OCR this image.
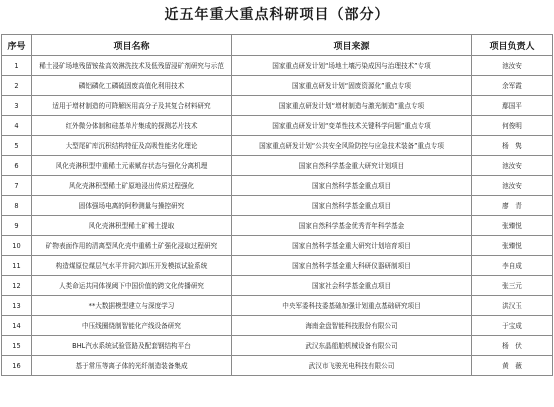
近五年重大重点科研项目（部分）
序号	项目名称	项目来源	项目负责人
1	稀土浸矿场地残留铵盐高效淋洗技术及低残留浸矿剂研究与示范	国家重点研发计划“场地土壤污染成因与治理技术”专项	池汝安
2	磷铝磷化工磷硫固废高值化利用技术	国家重点研发计划“固废资源化”重点专项	余军霞
3	适用于增材制造的可降解医用高分子及其复合材料研究	国家重点研发计划“增材制造与激光制造”重点专项	鄢国平
4	红外微分体制和硅基单片集成的探测芯片技术	国家重点研发计划“变革性技术关键科学问题”重点专项	何俊明
5	大型尾矿库沉积结构特征及高吸性能劣化理论	国家重点研发计划“公共安全风险防控与应急技术装备”重点专项	杨　隽
6	风化壳淋积型中重稀土元素赋存状态与强化分离机理	国家自然科学基金重大研究计划项目	池汝安
7	风化壳淋积型稀土矿原地浸出传质过程强化	国家自然科学基金重点项目	池汝安
8	固体强场电离的阿秒测量与操控研究	国家自然科学基金重点项目	廖　青
9	风化壳淋积型稀土矿稀土提取	国家自然科学基金优秀青年科学基金	张臻悦
10	矿物表面作用的清离型风化壳中重稀土矿强化浸取过程研究	国家自然科学基金重大研究计划培育项目	张臻悦
11	构造煤原位煤层气水平井洞穴卸压开发模拟试验系统	国家自然科学基金重大科研仪器研制项目	李自成
12	人类命运共同体视阈下中国价值的跨文化传播研究	国家社会科学基金重点项目	张三元
13	**大数据模型建立与深度学习	中央军委科技委基础加强计划重点基础研究项目	洪汉玉
14	中压线圈绕制智能化产线设备研究	海南金盘智能科技股份有限公司	于宝成
15	BHL汽水系统试验管路及配套钢结构平台	武汉东晶船舶机械设备有限公司	杨　伏
16	基于常压等离子体的光纤制造装备集成	武汉市飞骏光电科技有限公司	黄　薇
